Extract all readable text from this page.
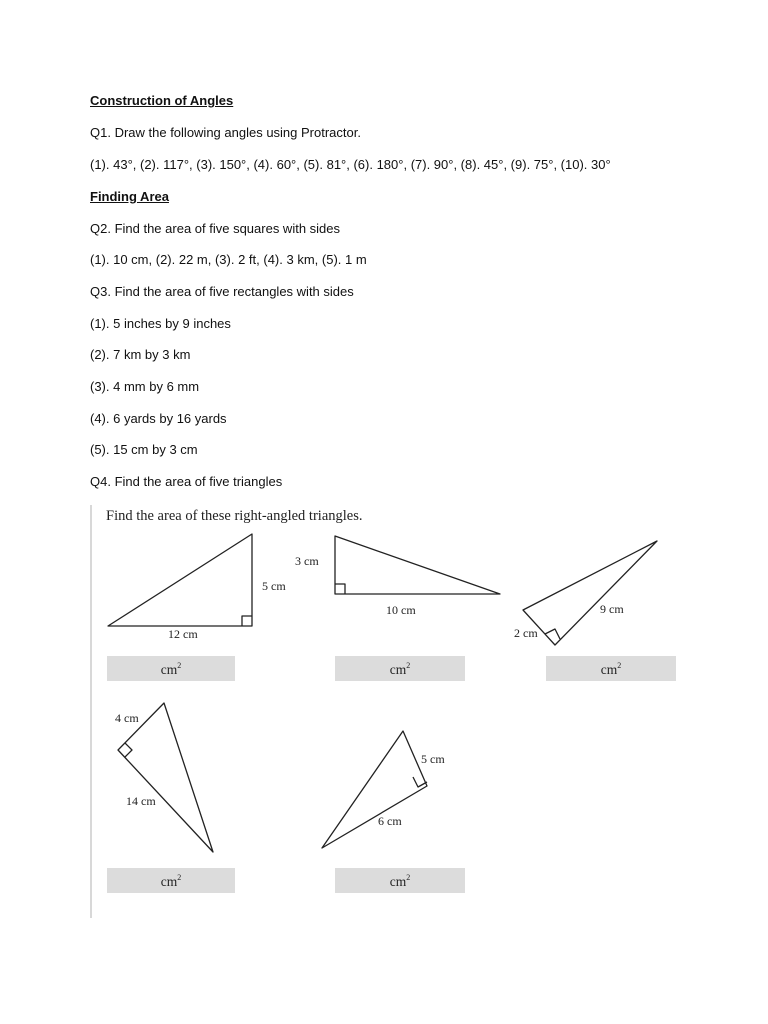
Construction of Angles

Q1. Draw the following angles using Protractor.

(1). 43°, (2). 117°, (3). 150°, (4). 60°, (5). 81°, (6). 180°, (7). 90°, (8). 45°, (9). 75°, (10). 30°

Finding Area

Q2. Find the area of five squares with sides

(1). 10 cm, (2). 22 m, (3). 2 ft, (4). 3 km, (5). 1 m

Q3. Find the area of five rectangles with sides

(1). 5 inches by 9 inches

(2). 7 km by 3 km

(3). 4 mm by 6 mm

(4). 6 yards by 16 yards

(5). 15 cm by 3 cm

Q4. Find the area of five triangles

Find the area of these right-angled triangles.
5 cm
12 cm
3 cm
10 cm	9 cm
2 cm
4 cm
14 cm
5 cm
6 cm
$cm^2$	$cm^2$	$cm^2$
$cm^2$	$cm^2$
